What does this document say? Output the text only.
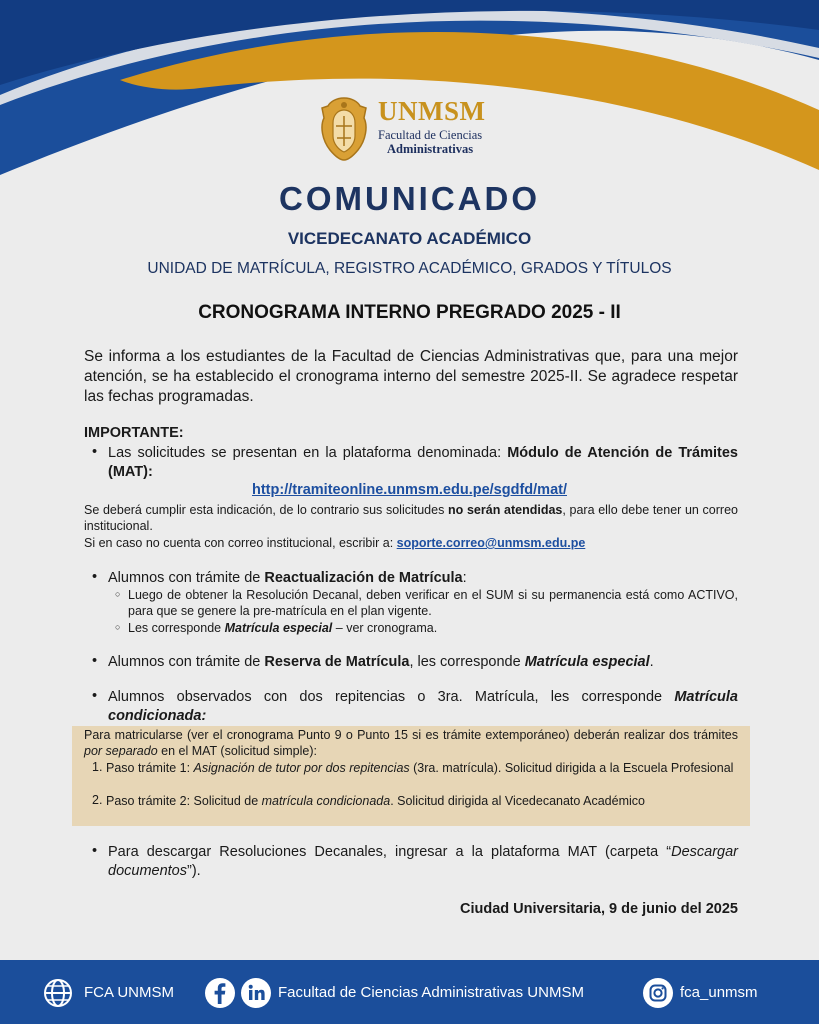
UNMSM
Facultad de Ciencias
Administrativas
COMUNICADO
VICEDECANATO ACADÉMICO
UNIDAD DE MATRÍCULA, REGISTRO ACADÉMICO, GRADOS Y TÍTULOS
CRONOGRAMA INTERNO PREGRADO 2025 - II
Se informa a los estudiantes de la Facultad de Ciencias Administrativas que, para una mejor atención, se ha establecido el cronograma interno del semestre 2025-II. Se agradece respetar las fechas programadas.
IMPORTANTE:
• Las solicitudes se presentan en la plataforma denominada: Módulo de Atención de Trámites (MAT):
http://tramiteonline.unmsm.edu.pe/sgdfd/mat/
Se deberá cumplir esta indicación, de lo contrario sus solicitudes no serán atendidas, para ello debe tener un correo institucional.
Si en caso no cuenta con correo institucional, escribir a: soporte.correo@unmsm.edu.pe
• Alumnos con trámite de Reactualización de Matrícula:
○ Luego de obtener la Resolución Decanal, deben verificar en el SUM si su permanencia está como ACTIVO, para que se genere la pre-matrícula en el plan vigente.
○ Les corresponde Matrícula especial – ver cronograma.
• Alumnos con trámite de Reserva de Matrícula, les corresponde Matrícula especial.
• Alumnos observados con dos repitencias o 3ra. Matrícula, les corresponde Matrícula condicionada:
Para matricularse (ver el cronograma Punto 9 o Punto 15 si es trámite extemporáneo) deberán realizar dos trámites por separado en el MAT (solicitud simple):
1. Paso trámite 1: Asignación de tutor por dos repitencias (3ra. matrícula). Solicitud dirigida a la Escuela Profesional
2. Paso trámite 2: Solicitud de matrícula condicionada. Solicitud dirigida al Vicedecanato Académico
• Para descargar Resoluciones Decanales, ingresar a la plataforma MAT (carpeta “Descargar documentos”).
Ciudad Universitaria, 9 de junio del 2025
FCA UNMSM	Facultad de Ciencias Administrativas UNMSM	fca_unmsm
